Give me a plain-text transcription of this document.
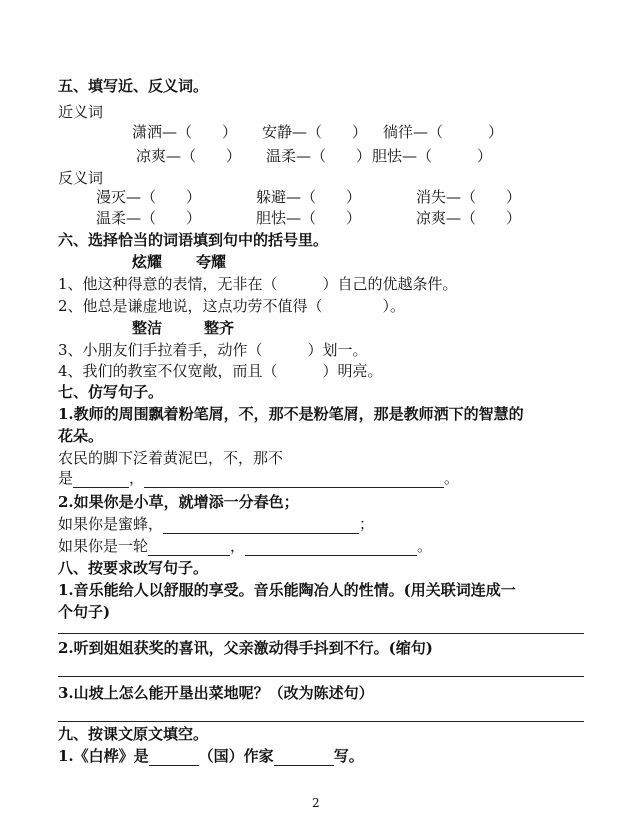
五、填写近、反义词。
近义词
潇洒—（　　） 安静—（　　） 徜徉—（　　　）
凉爽—（　　） 温柔—（　　） 胆怯—（　　　）
反义词
漫灭—（　　）	躲避—（　　）	消失—（　　）
温柔—（　　）	胆怯—（　　）	凉爽—（　　）
六、选择恰当的词语填到句中的括号里。
炫耀 夸耀
1、他这种得意的表情，无非在（　　　）自己的优越条件。
2、他总是谦虚地说，这点功劳不值得（　　　　）。
整洁	整齐
3、小朋友们手拉着手，动作（　　　）划一。
4、我们的教室不仅宽敞，而且（　　　）明亮。
七、仿写句子。
1.教师的周围飘着粉笔屑，不，那不是粉笔屑，那是教师洒下的智慧的
花朵。
农民的脚下泛着黄泥巴，不，那不
是	，	。
2.如果你是小草，就增添一分春色；
如果你是蜜蜂，	；
如果你是一轮	，	。
八、按要求改写句子。
1.音乐能给人以舒服的享受。音乐能陶冶人的性情。(用关联词连成一
个句子)
2.听到姐姐获奖的喜讯，父亲激动得手抖到不行。(缩句)
3.山坡上怎么能开垦出菜地呢？（改为陈述句）
九、按课文原文填空。
1.《白桦》是	（国）作家	写。
2
